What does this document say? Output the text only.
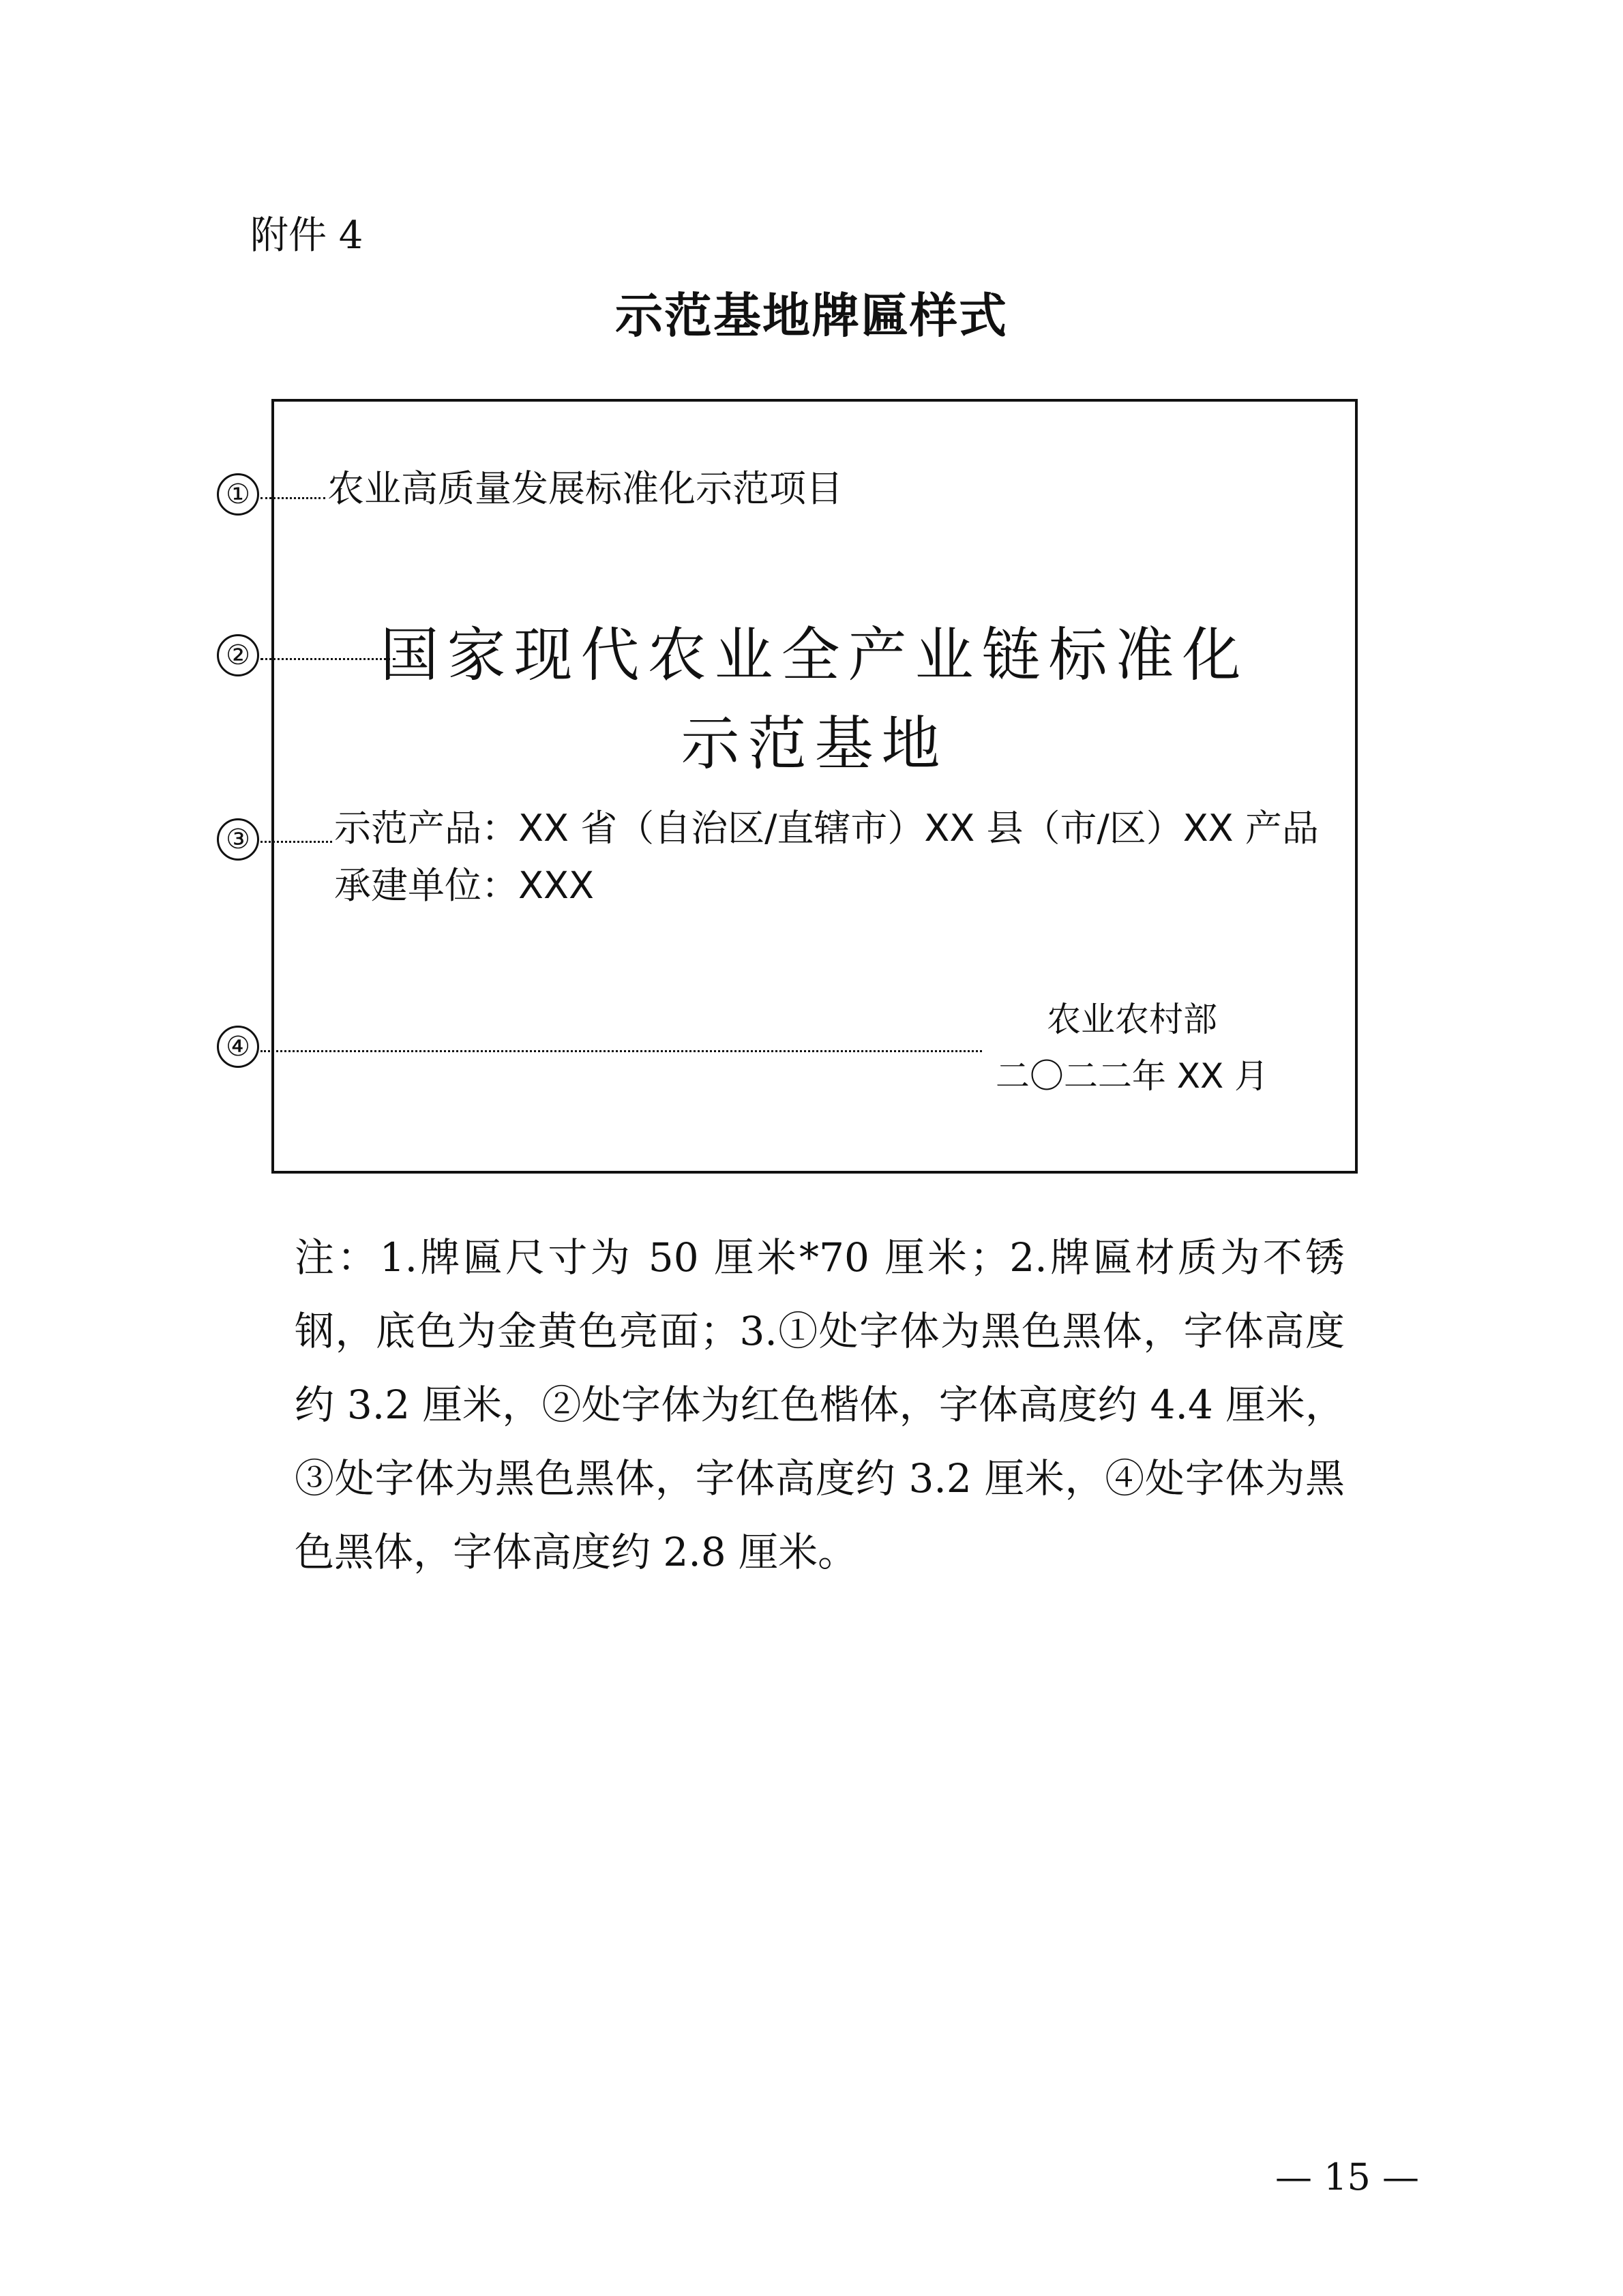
附件 4
示范基地牌匾样式
① 农业高质量发展标准化示范项目
②	国家现代农业全产业链标准化
示范基地
③ 示范产品：XX 省（自治区/直辖市）XX 县（市/区）XX 产品
承建单位：XXX
④
农业农村部
二〇二二年 XX 月
注：1.牌匾尺寸为 50 厘米*70 厘米；2.牌匾材质为不锈钢，底色为金黄色亮面；3.①处字体为黑色黑体，字体高度约 3.2 厘米，②处字体为红色楷体，字体高度约 4.4 厘米，③处字体为黑色黑体，字体高度约 3.2 厘米，④处字体为黑色黑体，字体高度约 2.8 厘米。
— 15 —
